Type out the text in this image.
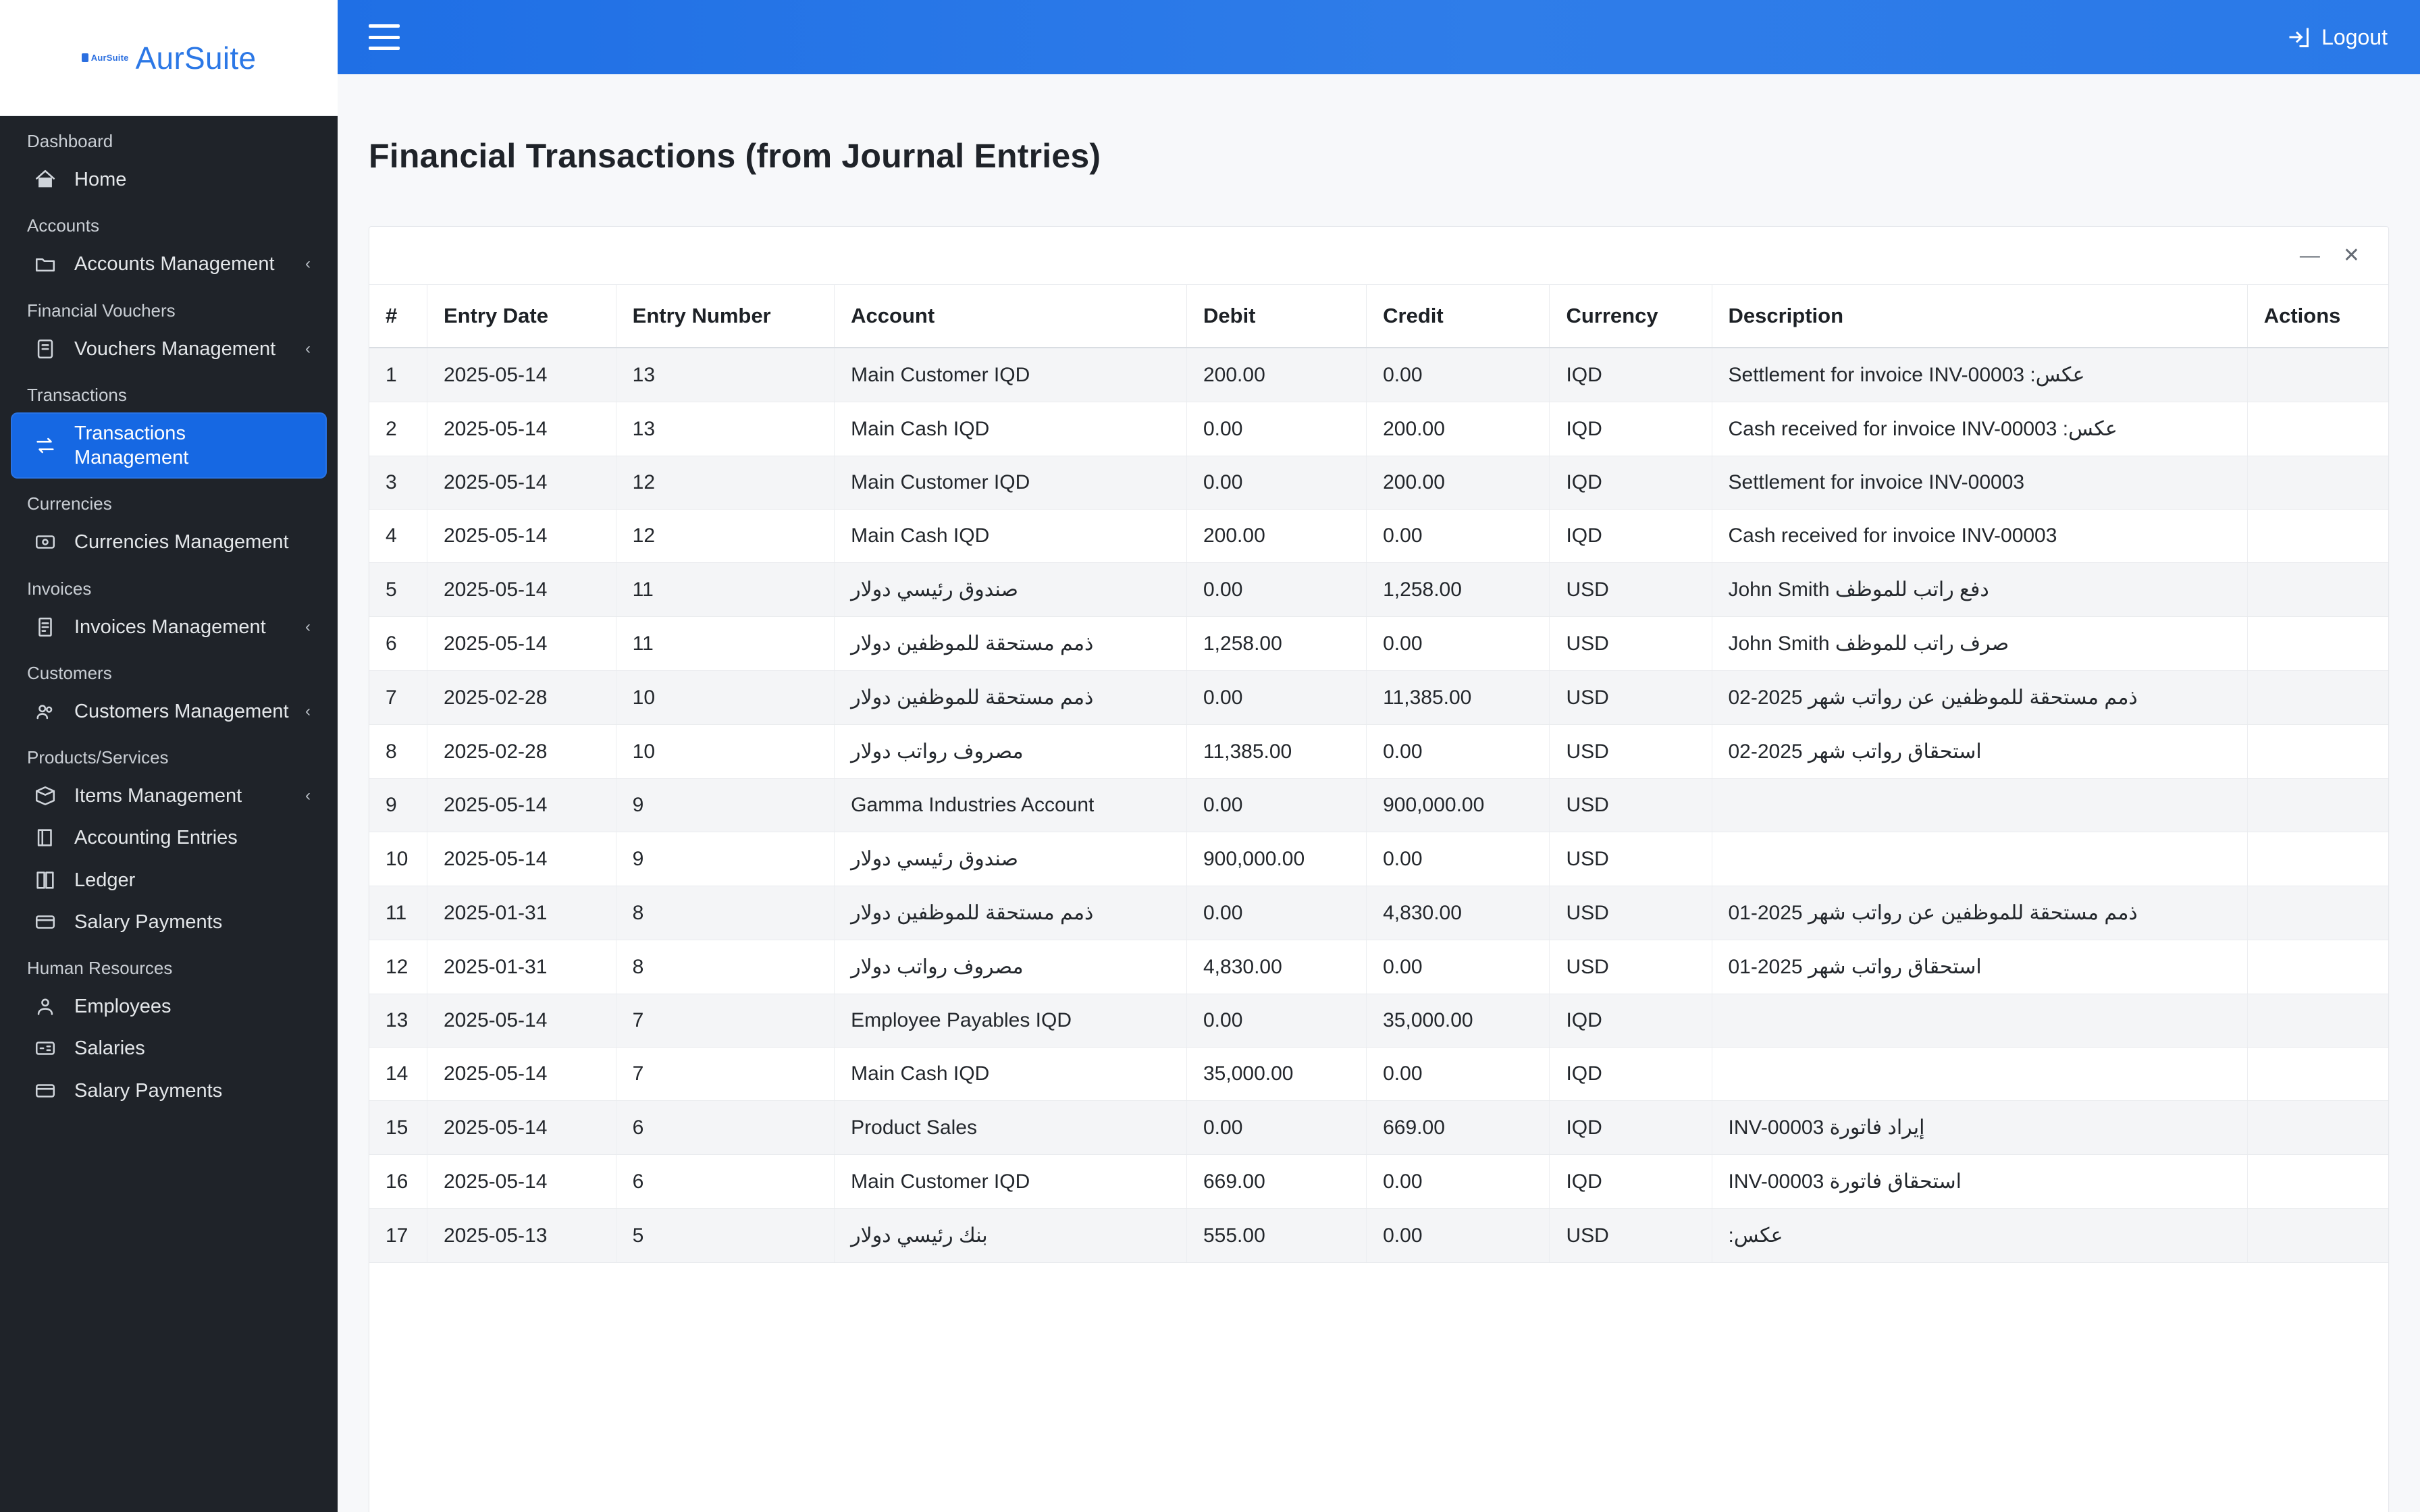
AurSuite AurSuite
Dashboard
Home
Accounts
Accounts Management	‹
Financial Vouchers
Vouchers Management	‹
Transactions
Transactions Management
Currencies
Currencies Management
Invoices
Invoices Management	‹
Customers
Customers Management ‹
Products/Services
Items Management	‹
Accounting Entries
Ledger
Salary Payments
Human Resources
Employees
Salaries
Salary Payments
Logout
Financial Transactions (from Journal Entries)
— ✕
#	Entry Date	Entry Number	Account	Debit	Credit	Currency	Description	Actions
1	2025-05-14	13	Main Customer IQD	200.00	0.00	IQD	عكس: Settlement for invoice INV-00003	
2	2025-05-14	13	Main Cash IQD	0.00	200.00	IQD	عكس: Cash received for invoice INV-00003	
3	2025-05-14	12	Main Customer IQD	0.00	200.00	IQD	Settlement for invoice INV-00003	
4	2025-05-14	12	Main Cash IQD	200.00	0.00	IQD	Cash received for invoice INV-00003	
5	2025-05-14	11	صندوق رئيسي دولار	0.00	1,258.00	USD	دفع راتب للموظف John Smith	
6	2025-05-14	11	ذمم مستحقة للموظفين دولار	1,258.00	0.00	USD	صرف راتب للموظف John Smith	
7	2025-02-28	10	ذمم مستحقة للموظفين دولار	0.00	11,385.00	USD	ذمم مستحقة للموظفين عن رواتب شهر 2025-02	
8	2025-02-28	10	مصروف رواتب دولار	11,385.00	0.00	USD	استحقاق رواتب شهر 2025-02	
9	2025-05-14	9	Gamma Industries Account	0.00	900,000.00	USD		
10	2025-05-14	9	صندوق رئيسي دولار	900,000.00	0.00	USD		
11	2025-01-31	8	ذمم مستحقة للموظفين دولار	0.00	4,830.00	USD	ذمم مستحقة للموظفين عن رواتب شهر 2025-01	
12	2025-01-31	8	مصروف رواتب دولار	4,830.00	0.00	USD	استحقاق رواتب شهر 2025-01	
13	2025-05-14	7	Employee Payables IQD	0.00	35,000.00	IQD		
14	2025-05-14	7	Main Cash IQD	35,000.00	0.00	IQD		
15	2025-05-14	6	Product Sales	0.00	669.00	IQD	إيراد فاتورة INV-00003	
16	2025-05-14	6	Main Customer IQD	669.00	0.00	IQD	استحقاق فاتورة INV-00003	
17	2025-05-13	5	بنك رئيسي دولار	555.00	0.00	USD	عكس:	
